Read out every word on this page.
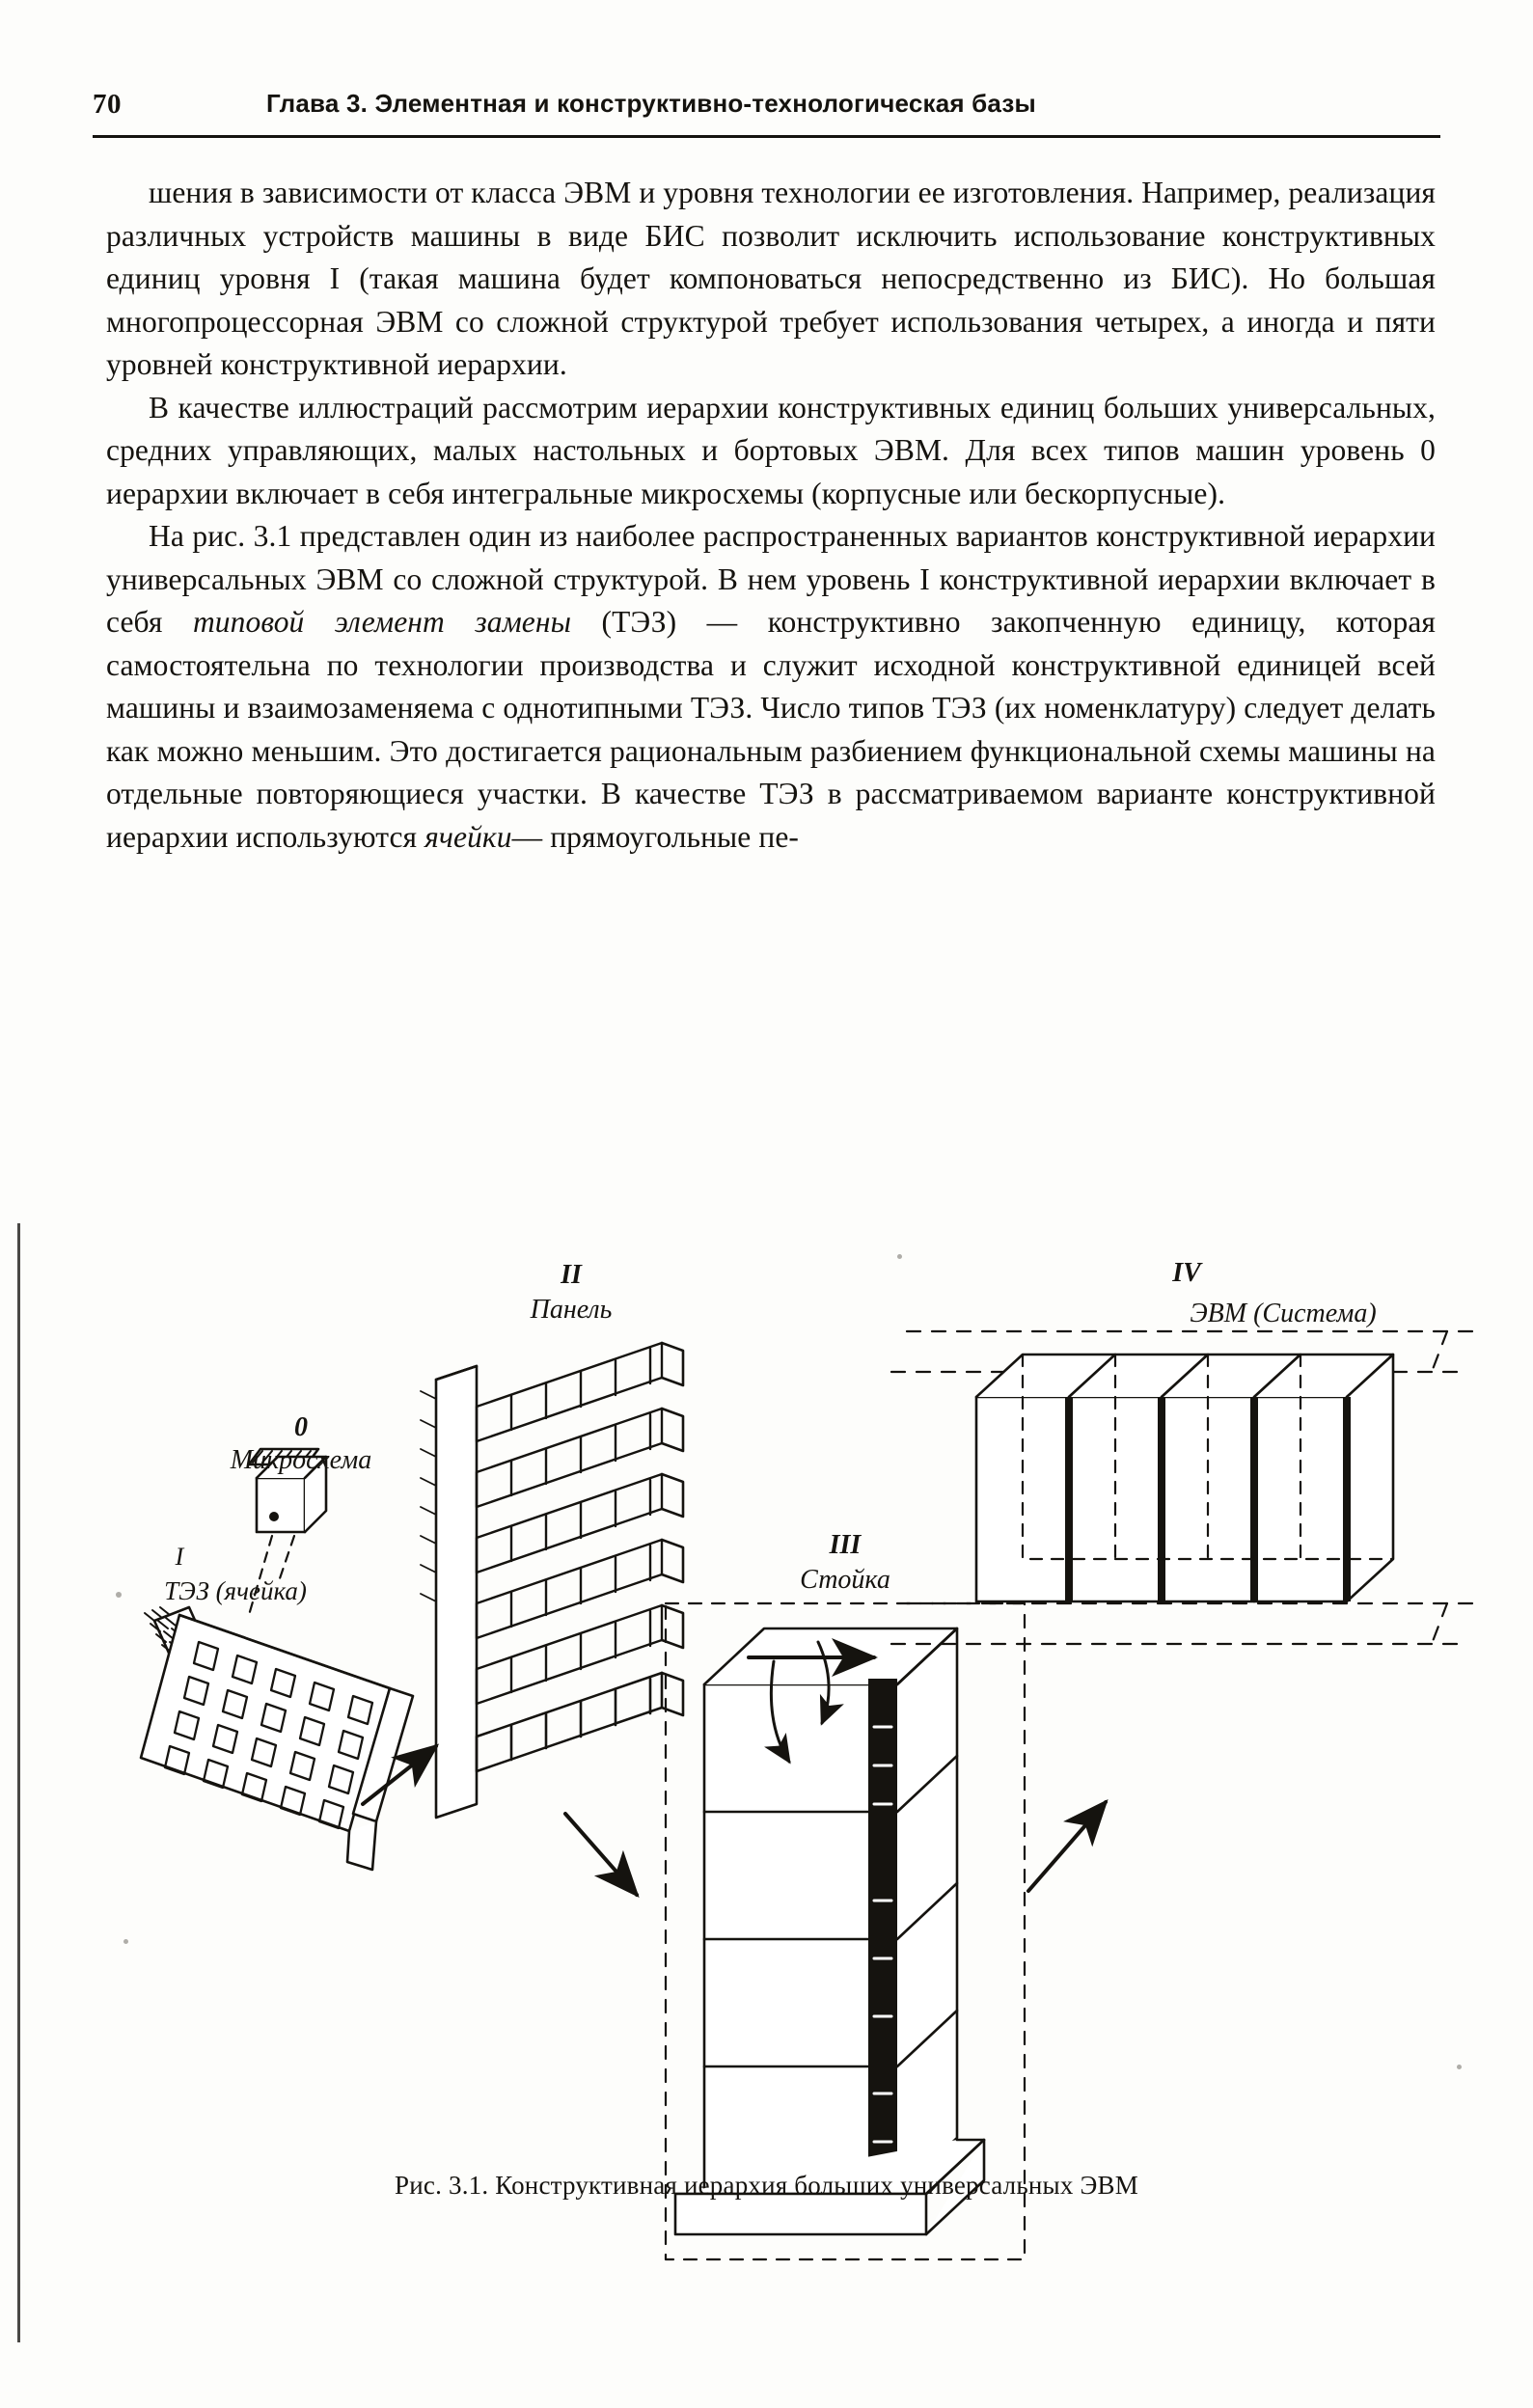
70	Глава 3. Элементная и конструктивно-технологическая базы

шения в зависимости от класса ЭВМ и уровня технологии ее изготовления. Например, реализация различных устройств машины в виде БИС позволит исключить использование конструктивных единиц уровня I (такая машина будет компоноваться непосредственно из БИС). Но большая многопроцессорная ЭВМ со сложной структурой требует использования четырех, а иногда и пяти уровней конструктивной иерархии.

В качестве иллюстраций рассмотрим иерархии конструктивных единиц больших универсальных, средних управляющих, малых настольных и бортовых ЭВМ. Для всех типов машин уровень 0 иерархии включает в себя интегральные микросхемы (корпусные или бескорпусные).

На рис. 3.1 представлен один из наиболее распространенных вариантов конструктивной иерархии универсальных ЭВМ со сложной структурой. В нем уровень I конструктивной иерархии включает в себя типовой элемент замены (ТЭЗ) — конструктивно закопченную единицу, которая самостоятельна по технологии производства и служит исходной конструктивной единицей всей машины и взаимозаменяема с однотипными ТЭЗ. Число типов ТЭЗ (их номенклатуру) следует делать как можно меньшим. Это достигается рациональным разбиением функциональной схемы машины на отдельные повторяющиеся участки. В качестве ТЭЗ в рассматриваемом варианте конструктивной иерархии используются ячейки— прямоугольные пе-

0
Микросхема
I
ТЭЗ (ячейка)
II
Панель
III
Стойка
IV
ЭВМ (Система)
Рис. 3.1. Конструктивная иерархия больших универсальных ЭВМ
